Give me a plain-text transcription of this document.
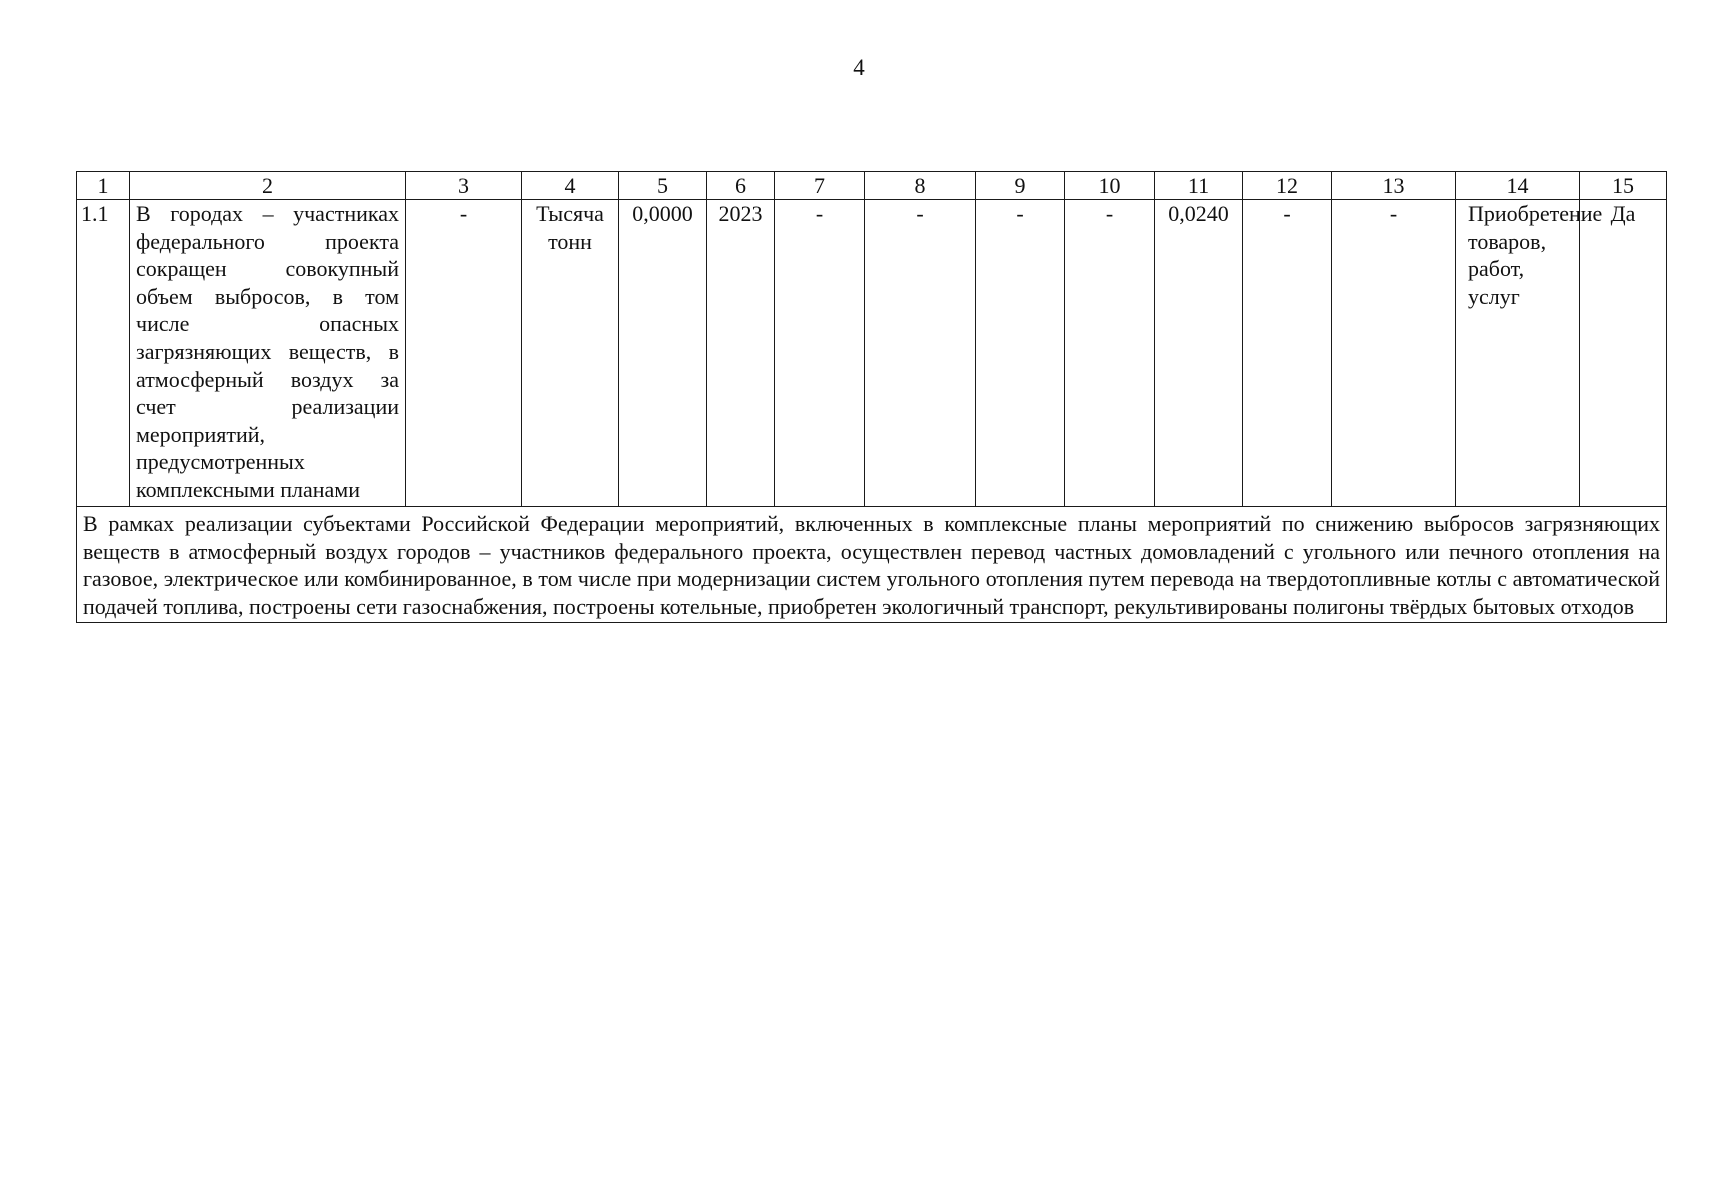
4
1	2	3	4	5	6	7	8	9	10	11	12	13	14	15
1.1	В городах – участниках федерального проекта сокращен совокупный объем выбросов, в том числе опасных загрязняющих веществ, в атмосферный воздух за счет реализации мероприятий, предусмотренных комплексными планами	-	Тысяча тонн	0,0000	2023	-	-	-	-	0,0240	-	-	Приобретение товаров, работ, услуг	Да
В рамках реализации субъектами Российской Федерации мероприятий, включенных в комплексные планы мероприятий по снижению выбросов загрязняющих веществ в атмосферный воздух городов – участников федерального проекта, осуществлен перевод частных домовладений с угольного или печного отопления на газовое, электрическое или комбинированное, в том числе при модернизации систем угольного отопления путем перевода на твердотопливные котлы с автоматической подачей топлива, построены сети газоснабжения, построены котельные, приобретен экологичный транспорт, рекультивированы полигоны твёрдых бытовых отходов														
